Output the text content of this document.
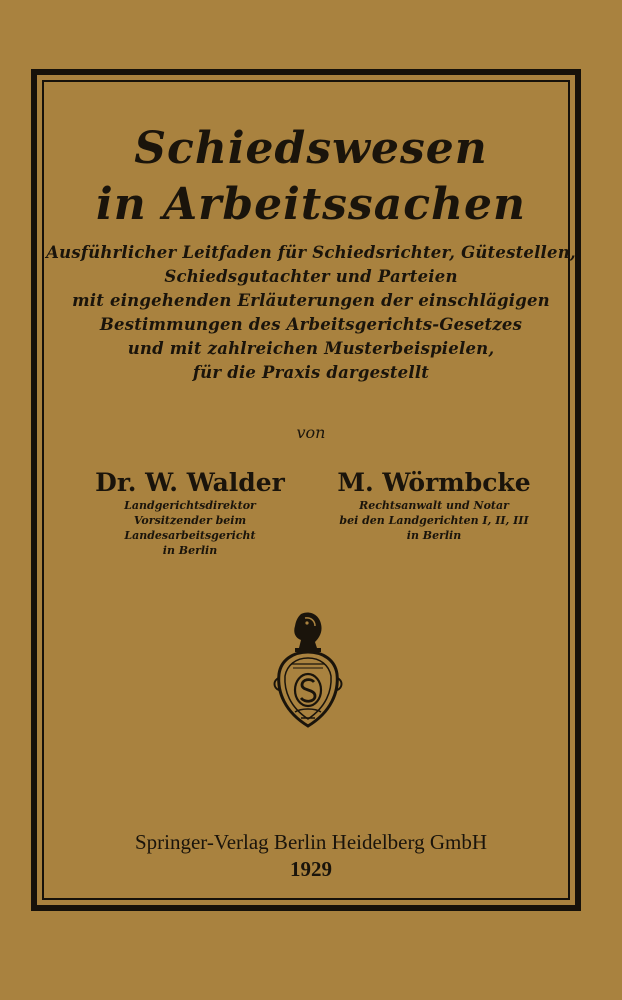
Schiedswesen
in Arbeitssachen
Ausführlicher Leitfaden für Schiedsrichter, Gütestellen,
Schiedsgutachter und Parteien
mit eingehenden Erläuterungen der einschlägigen
Bestimmungen des Arbeitsgerichts-Gesetzes
und mit zahlreichen Musterbeispielen,
für die Praxis dargestellt
von
Dr. W. Walder
Landgerichtsdirektor
Vorsitzender beim Landesarbeitsgericht
in Berlin
M. Wörmbcke
Rechtsanwalt und Notar
bei den Landgerichten I, II, III
in Berlin
Springer-Verlag Berlin Heidelberg GmbH
1929
